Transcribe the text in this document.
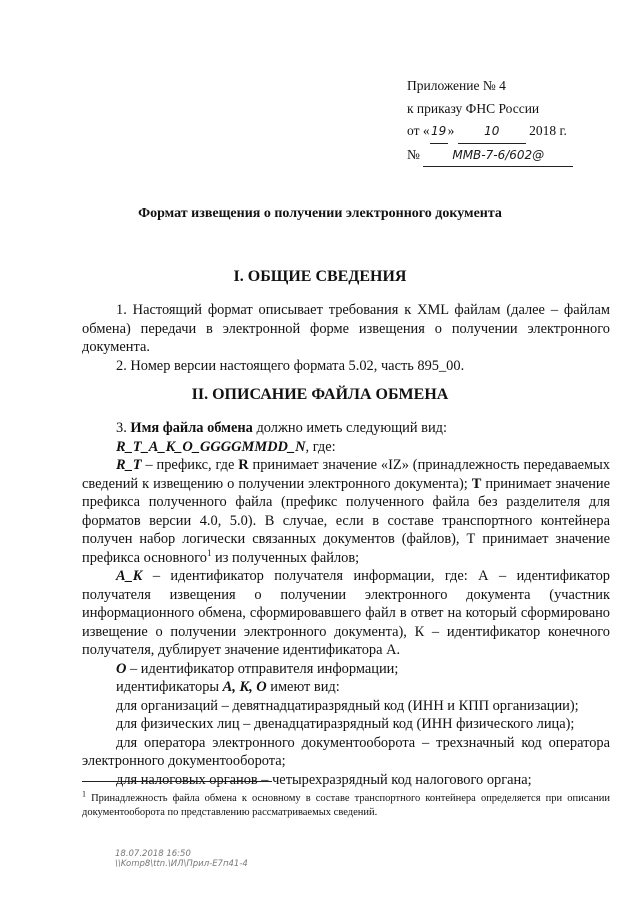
Приложение № 4
к приказу ФНС России
от «19» 10 2018 г.
№	ММВ-7-6/602@
Формат извещения о получении электронного документа
I. ОБЩИЕ СВЕДЕНИЯ

1. Настоящий формат описывает требования к XML файлам (далее – файлам обмена) передачи в электронной форме извещения о получении электронного документа.

2. Номер версии настоящего формата 5.02, часть 895_00.

II. ОПИСАНИЕ ФАЙЛА ОБМЕНА

3. Имя файла обмена должно иметь следующий вид:

R_T_A_K_O_GGGGMMDD_N, где:

R_T – префикс, где R принимает значение «IZ» (принадлежность передаваемых сведений к извещению о получении электронного документа); T принимает значение префикса полученного файла (префикс полученного файла без разделителя для форматов версии 4.0, 5.0). В случае, если в составе транспортного контейнера получен набор логически связанных документов (файлов), Т принимает значение префикса основного$^1$ из полученных файлов;

A_K – идентификатор получателя информации, где: А – идентификатор получателя извещения о получении электронного документа (участник информационного обмена, сформировавшего файл в ответ на который сформировано извещение о получении электронного документа), К – идентификатор конечного получателя, дублирует значение идентификатора А.

O – идентификатор отправителя информации;

идентификаторы A, K, O имеют вид:

для организаций – девятнадцатиразрядный код (ИНН и КПП организации);

для физических лиц – двенадцатиразрядный код (ИНН физического лица);

для оператора электронного документооборота – трехзначный код оператора электронного документооборота;

для налоговых органов – четырехразрядный код налогового органа;

$^1$ Принадлежность файла обмена к основному в составе транспортного контейнера определяется при описании документооборота по представлению рассматриваемых сведений.
18.07.2018 16:50
\\Komp8\ttn.\ИЛ\Прил-Е7п41-4
